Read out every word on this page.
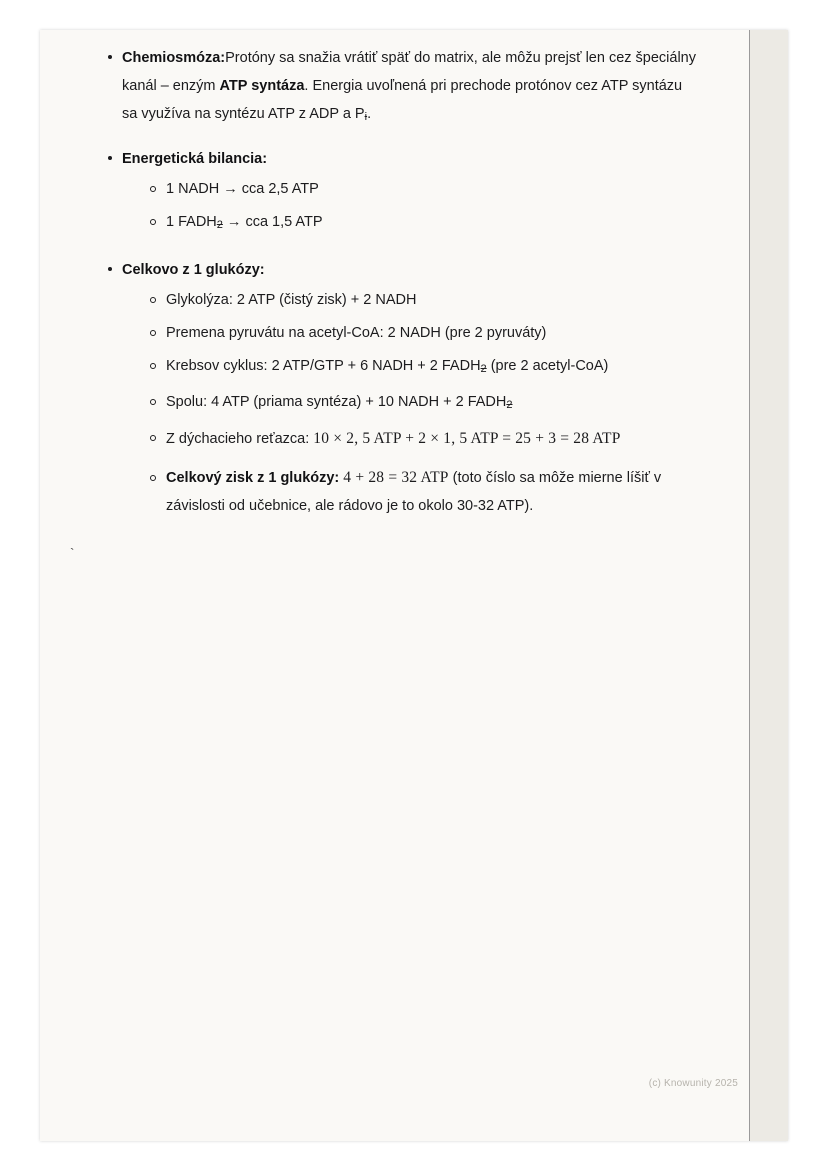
Chemiosmóza:Protóny sa snažia vrátiť späť do matrix, ale môžu prejsť len cez špeciálny kanál – enzým ATP syntáza. Energia uvoľnená pri prechode protónov cez ATP syntázu sa využíva na syntézu ATP z ADP a Pi.
Energetická bilancia:
1 NADH → cca 2,5 ATP
1 FADH2 → cca 1,5 ATP
Celkovo z 1 glukózy:
Glykolýza: 2 ATP (čistý zisk) + 2 NADH
Premena pyruvátu na acetyl-CoA: 2 NADH (pre 2 pyruváty)
Krebsov cyklus: 2 ATP/GTP + 6 NADH + 2 FADH2 (pre 2 acetyl-CoA)
Spolu: 4 ATP (priama syntéza) + 10 NADH + 2 FADH2
Z dýchacieho reťazca: 10 × 2, 5 ATP + 2 × 1, 5 ATP = 25 + 3 = 28 ATP
Celkový zisk z 1 glukózy: 4 + 28 = 32 ATP (toto číslo sa môže mierne líšiť v závislosti od učebnice, ale rádovo je to okolo 30-32 ATP).
`
(c) Knowunity 2025
